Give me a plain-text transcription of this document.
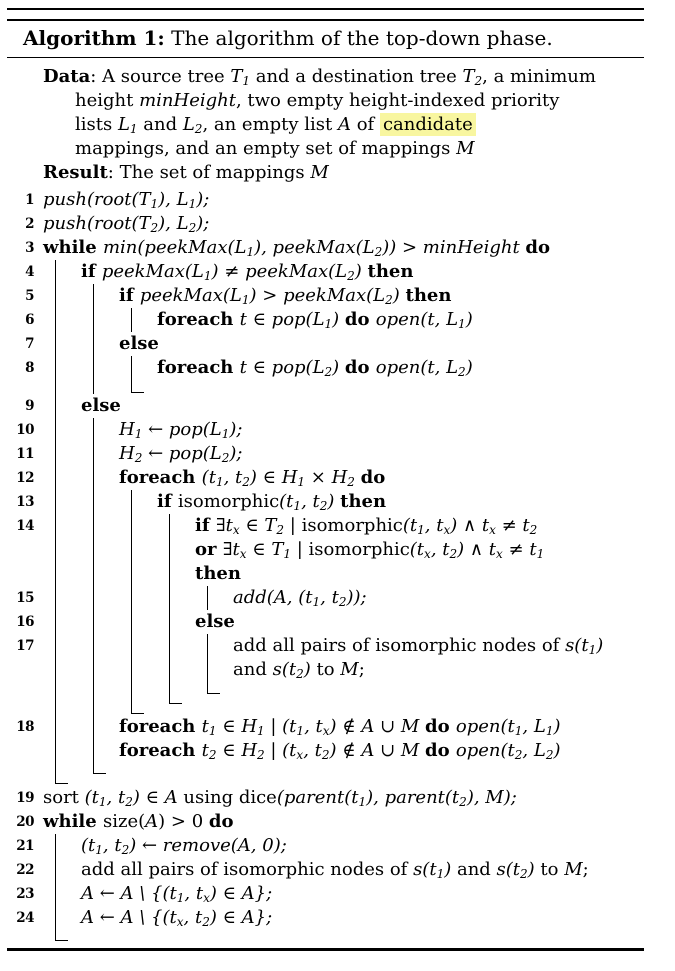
Algorithm 1: The algorithm of the top-down phase.
Data: A source tree $T_1$ and a destination tree $T_2$, a minimum
height minHeight, two empty height-indexed priority
lists $L_1$ and $L_2$, an empty list A of candidate
mappings, and an empty set of mappings M
Result: The set of mappings M
1 $push(root(T_1)$, $L_1$);
2 $push(root(T_2)$, $L_2$);
3 while $\min(peekMax(L_1)$, $peekMax(L_2)$) > minHeight do
4	if $peekMax(L_1)$ ≠ $peekMax(L_2)$ then
5	if $peekMax(L_1)$ > $peekMax(L_2)$ then
6	foreach t ∈ $pop(L_1)$ do open(t, $L_1$)
7	else
8	foreach t ∈ $pop(L_2)$ do open(t, $L_2$)
9	else
10	$H_1$ ← $pop(L_1)$;
11	$H_2$ ← $pop(L_2)$;
12	foreach ($t_1$, $t_2$) ∈ $H_1 \times H_2$ do
13	if $isomorphic(t_1$, $t_2$) then
14	if $\exists t_x$ ∈ $T_2$ | $isomorphic(t_1$, $t_x$) ∧ $t_x \ne t_2$
or $\exists t_x$ ∈ $T_1$ | $isomorphic(t_x$, $t_2$) ∧ $t_x \ne t_1$
then
15	add(A, ($t_1$, $t_2$));
16	else
17	add all pairs of isomorphic nodes of $s(t_1)$
and $s(t_2)$ to M;
18	foreach $t_1$ ∈ $H_1$ | ($t_1$, $t_x$) ∉ A ∪ M do $open(t_1$, $L_1$)
foreach $t_2$ ∈ $H_2$ | ($t_x$, $t_2$) ∉ A ∪ M do $open(t_2$, $L_2$)
19 sort ($t_1$, $t_2$) ∈ A using $dice(parent(t_1)$, $parent(t_2)$, M);
20 while size(A) > 0 do
21	($t_1$, $t_2$) ← remove(A, 0);
22	add all pairs of isomorphic nodes of $s(t_1)$ and $s(t_2)$ to M;
23	A ← A \ {($t_1$, $t_x$) ∈ A};
24	A ← A \ {($t_x$, $t_2$) ∈ A};
